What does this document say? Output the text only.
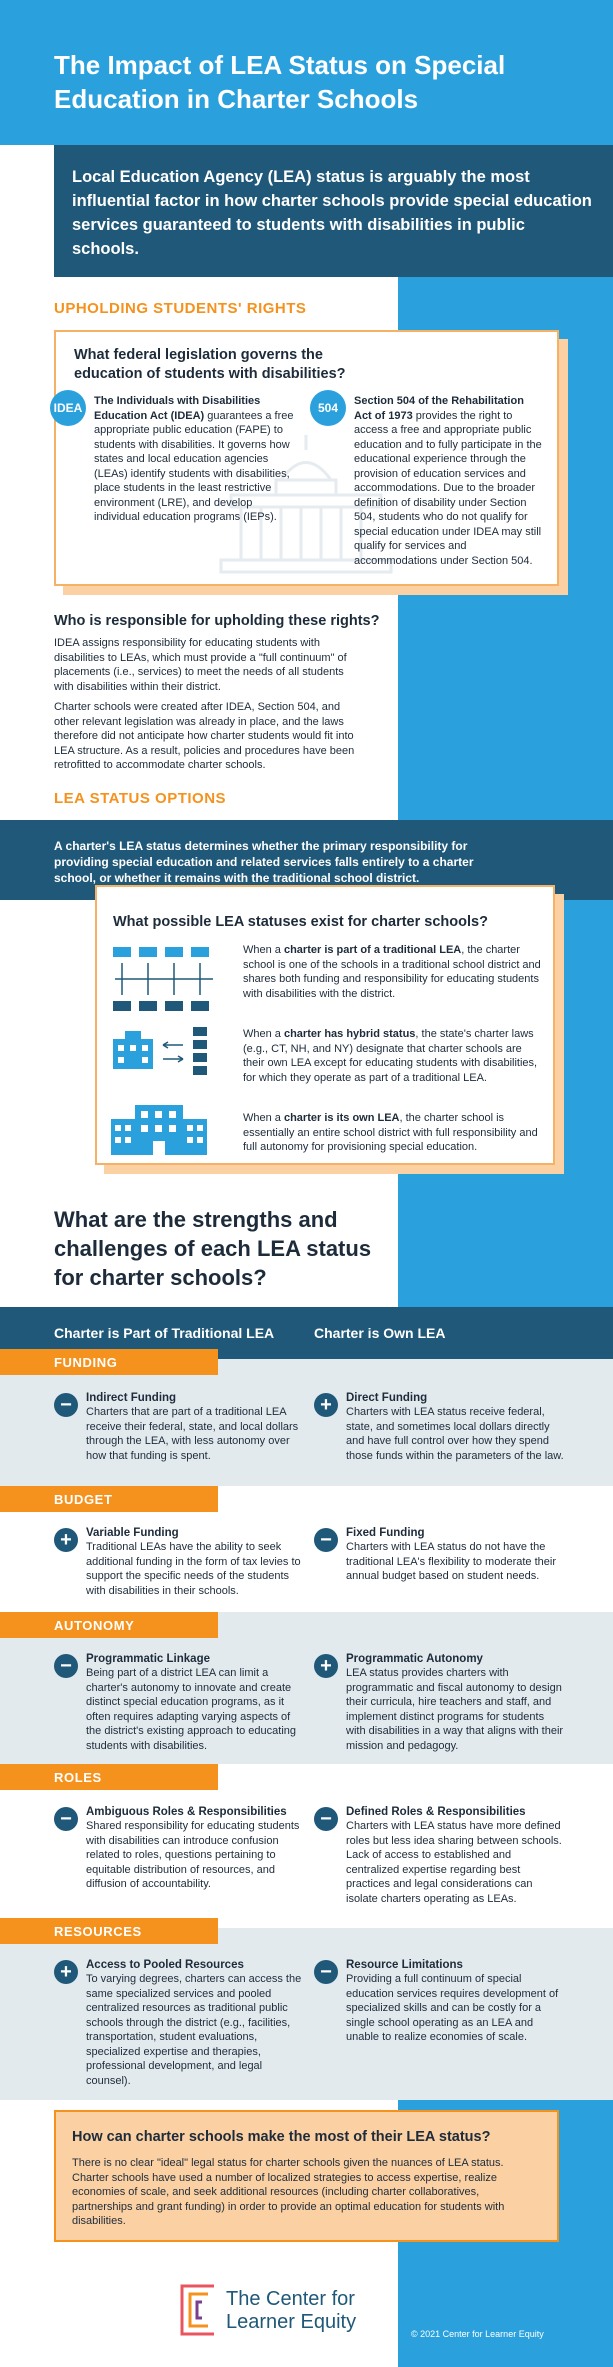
The Impact of LEA Status on Special Education in Charter Schools

Local Education Agency (LEA) status is arguably the most influential factor in how charter schools provide special education services guaranteed to students with disabilities in public schools.

UPHOLDING STUDENTS' RIGHTS
What federal legislation governs the education of students with disabilities?
IDEA The Individuals with Disabilities Education Act (IDEA) guarantees a free appropriate public education (FAPE) to students with disabilities. It governs how states and local education agencies (LEAs) identify students with disabilities, place students in the least restrictive environment (LRE), and develop individual education programs (IEPs).

504 Section 504 of the Rehabilitation Act of 1973 provides the right to access a free and appropriate public education and to fully participate in the educational experience through the provision of education services and accommodations. Due to the broader definition of disability under Section 504, students who do not qualify for special education under IDEA may still qualify for services and accommodations under Section 504.

Who is responsible for upholding these rights?

IDEA assigns responsibility for educating students with disabilities to LEAs, which must provide a "full continuum" of placements (i.e., services) to meet the needs of all students with disabilities within their district.

Charter schools were created after IDEA, Section 504, and other relevant legislation was already in place, and the laws therefore did not anticipate how charter students would fit into LEA structure. As a result, policies and procedures have been retrofitted to accommodate charter schools.

LEA STATUS OPTIONS

A charter's LEA status determines whether the primary responsibility for providing special education and related services falls entirely to a charter school, or whether it remains with the traditional school district.

What possible LEA statuses exist for charter schools?

When a charter is part of a traditional LEA, the charter school is one of the schools in a traditional school district and shares both funding and responsibility for educating students with disabilities with the district.

When a charter has hybrid status, the state's charter laws (e.g., CT, NH, and NY) designate that charter schools are their own LEA except for educating students with disabilities, for which they operate as part of a traditional LEA.

When a charter is its own LEA, the charter school is essentially an entire school district with full responsibility and full autonomy for provisioning special education.

What are the strengths and challenges of each LEA status for charter schools?
Charter is Part of Traditional LEA	Charter is Own LEA
FUNDING
−	Indirect Funding

Charters that are part of a traditional LEA receive their federal, state, and local dollars through the LEA, with less autonomy over how that funding is spent.

+	Direct Funding

Charters with LEA status receive federal, state, and sometimes local dollars directly and have full control over how they spend those funds within the parameters of the law.

BUDGET
+	Variable Funding

Traditional LEAs have the ability to seek additional funding in the form of tax levies to support the specific needs of the students with disabilities in their schools.

−	Fixed Funding

Charters with LEA status do not have the traditional LEA's flexibility to moderate their annual budget based on student needs.

AUTONOMY
−	Programmatic Linkage

Being part of a district LEA can limit a charter's autonomy to innovate and create distinct special education programs, as it often requires adapting varying aspects of the district's existing approach to educating students with disabilities.

+	Programmatic Autonomy

LEA status provides charters with programmatic and fiscal autonomy to design their curricula, hire teachers and staff, and implement distinct programs for students with disabilities in a way that aligns with their mission and pedagogy.

ROLES
−	Ambiguous Roles & Responsibilities

Shared responsibility for educating students with disabilities can introduce confusion related to roles, questions pertaining to equitable distribution of resources, and diffusion of accountability.

−	Defined Roles & Responsibilities

Charters with LEA status have more defined roles but less idea sharing between schools. Lack of access to established and centralized expertise regarding best practices and legal considerations can isolate charters operating as LEAs.

RESOURCES
+	Access to Pooled Resources

To varying degrees, charters can access the same specialized services and pooled centralized resources as traditional public schools through the district (e.g., facilities, transportation, student evaluations, specialized expertise and therapies, professional development, and legal counsel).

−	Resource Limitations

Providing a full continuum of special education services requires development of specialized skills and can be costly for a single school operating as an LEA and unable to realize economies of scale.

How can charter schools make the most of their LEA status?

There is no clear "ideal" legal status for charter schools given the nuances of LEA status. Charter schools have used a number of localized strategies to access expertise, realize economies of scale, and seek additional resources (including charter collaboratives, partnerships and grant funding) in order to provide an optimal education for students with disabilities.

The Center for
Learner Equity
© 2021 Center for Learner Equity
